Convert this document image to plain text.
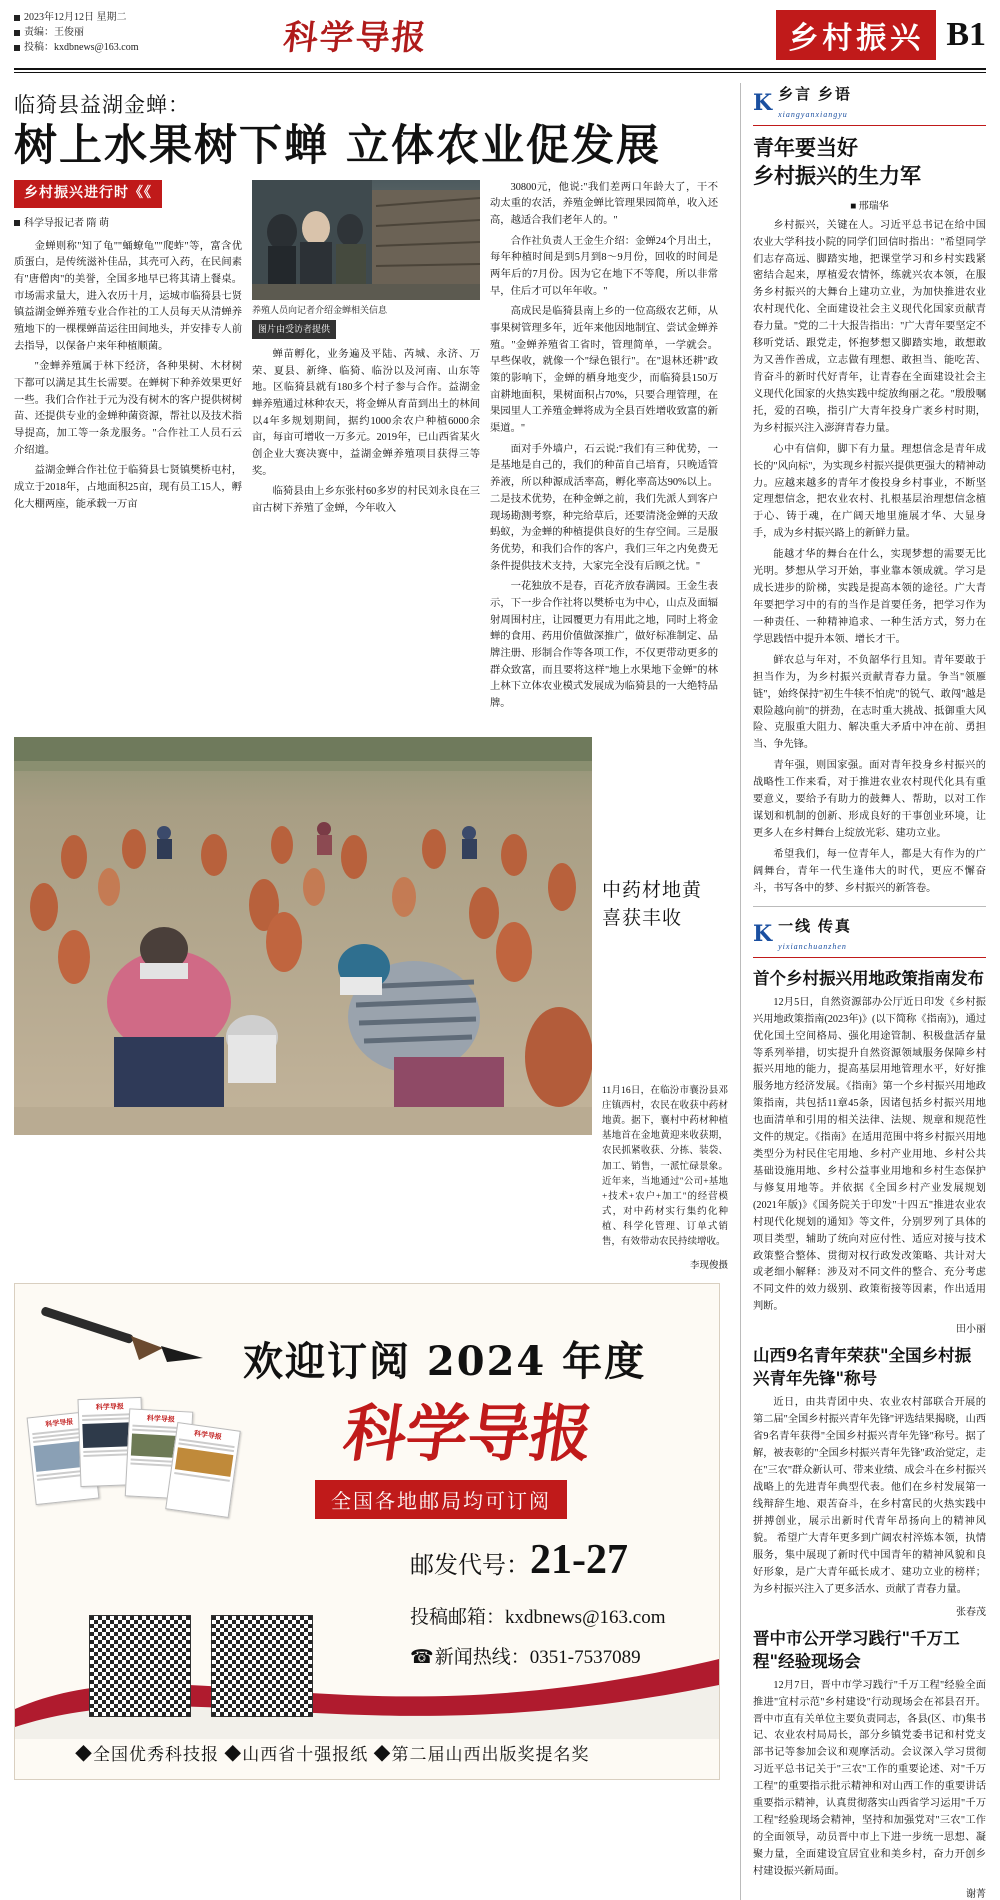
2023年12月12日 星期二
责编：王俊丽
投稿：kxdbnews@163.com	科学导报	乡村振兴 B1
临猗县益湖金蝉：
树上水果树下蝉 立体农业促发展
乡村振兴进行时《《
科学导报记者 隋 萌

金蝉则称"知了龟""蛹蟟龟""爬蚱"等，富含优质蛋白，是传统滋补佳品，其壳可入药，在民间素有"唐僧肉"的美誉，全国多地早已将其请上餐桌。市场需求量大，进入农历十月，运城市临猗县七贤镇益湖金蝉养殖专业合作社的工人员每天从清蝉养殖地下的一棵棵蝉苗运往田间地头，并安排专人前去指导，以保备户来年种植顺菌。

"金蝉养殖属于林下经济，各种果树、木材树下都可以满足其生长需要。在蝉树下种养效果更好一些。我们合作社于元为没有树木的客户提供树树苗、还提供专业的金蝉种菌资源，帮社以及技术指导提高，加工等一条龙服务。"合作社工人员石云介绍道。

益湖金蝉合作社位于临猗县七贤镇樊桥屯村，成立于2018年，占地面积25亩，现有员工15人，孵化大棚两座，能承载一万亩

养殖人员向记者介绍金蝉相关信息
图片由受访者提供

蝉苗孵化，业务遍及平陆、芮城、永济、万荣、夏县、新绛、临猗、临汾以及河南、山东等地。区临猗县就有180多个村子参与合作。益湖金蝉养殖通过林种农天，将金蝉从育苗到出土的林间以4年多规划期间，据约1000余农户种植6000余亩，每亩可增收一万多元。2019年，已山西省某火创企业大赛决赛中，益湖金蝉养殖项目获得三等奖。

临猗县由上乡东张村60多岁的村民刘永良在三亩古树下养殖了金蝉，今年收入

30800元，他说:"我们差两口年龄大了，干不动太重的农活，养殖金蝉比管理果园简单，收入还高，越适合我们老年人的。"

合作社负责人王金生介绍：金蝉24个月出土，每年种植时间是到5月到8～9月份，回收的时间是两年后的7月份。因为它在地下不等爬，所以非常早，住后才可以年年收。"

高成民是临猗县南上乡的一位高级农艺师，从事果树管理多年，近年来他因地制宜、尝试金蝉养殖。"金蝉养殖省工省时，管理简单，一学就会。早些保收，就像一个"绿色银行"。在"退林还耕"政策的影响下，金蝉的栖身地变少，而临猗县150万亩耕地面积，果树面积占70%，只要合理管理，在果园里人工养殖金蝉将成为全县百姓增收致富的新渠道。"

面对手外墙户，石云说:"我们有三种优势，一是基地是自己的，我们的种苗自己培育，只晚适管养液，所以种源成活率高，孵化率高达90%以上。二是技术优势，在种金蝉之前，我们先派人到客户现场勘测考察，种完给草后，还要清浇金蝉的天敌蚂蚁，为金蝉的种植提供良好的生存空间。三是服务优势，和我们合作的客户，我们三年之内免费无条件提供技术支持，大家完全没有后顾之忧。"

一花独放不是春，百花齐放春满园。王金生表示，下一步合作社将以樊桥屯为中心，山点及面辐射周围村庄，让园覆更力有用此之地，同时上将金蝉的食用、药用价值做深推广，做好标准制定、品牌注册、形制合作等各项工作，不仅更带动更多的群众致富，而且要将这样"地上水果地下金蝉"的林上林下立体农业模式发展成为临猗县的一大绝特品牌。

中药材地黄
喜获丰收
11月16日，在临汾市襄汾县邓庄镇西村，农民在收获中药材地黄。据下，襄村中药材种植基地首在金地黄迎来收获期，农民抓紧收获、分拣、装袋、加工、销售，一派忙碌景象。近年来，当地通过"公司+基地+技术+农户+加工"的经营模式，对中药材实行集约化种植、科学化管理、订单式销售，有效带动农民持续增收。
李现俊摄
科学导报
科学导报
科学导报
科学导报
欢迎订阅 2024 年度
科学导报
全国各地邮局均可订阅
邮发代号：21-27
投稿邮箱：kxdbnews@163.com
☎ 新闻热线：0351-7537089
◆全国优秀科技报 ◆山西省十强报纸 ◆第二届山西出版奖提名奖
K 乡言 乡语
xiangyanxiangyu
青年要当好
乡村振兴的生力军
■ 邢瑞华

乡村振兴，关键在人。习近平总书记在给中国农业大学科技小院的同学们回信时指出："希望同学们志存高远、脚踏实地，把课堂学习和乡村实践紧密结合起来，厚植爱农情怀，练就兴农本领，在服务乡村振兴的大舞台上建功立业，为加快推进农业农村现代化、全面建设社会主义现代化国家贡献青春力量。"党的二十大报告指出："广大青年要坚定不移听党话、跟党走，怀抱梦想又脚踏实地，敢想敢为又善作善成，立志做有理想、敢担当、能吃苦、肯奋斗的新时代好青年，让青春在全面建设社会主义现代化国家的火热实践中绽放绚丽之花。"殷殷嘱托，爱的召唤，指引广大青年投身广袤乡村时期，为乡村振兴注入澎湃青春力量。

心中有信仰，脚下有力量。理想信念是青年成长的"风向标"，为实现乡村振兴提供更强大的精神动力。应越来越多的青年才俊投身乡村事业，不断坚定理想信念，把农业农村、扎根基层治理想信念植于心、铸于魂，在广阔天地里施展才华、大显身手，成为乡村振兴路上的新鲜力量。

能越才华的舞台在什么，实现梦想的需要无比光明。梦想从学习开始，事业靠本领成就。学习是成长进步的阶梯，实践是提高本领的途径。广大青年要把学习中的有的当作是首要任务，把学习作为一种责任、一种精神追求、一种生活方式，努力在学思践悟中提升本领、增长才干。

鲜农总与年对，不负韶华行且知。青年要敢于担当作为，为乡村振兴贡献青春力量。争当"领雁链"，始终保持"初生牛犊不怕虎"的锐气、敢闯"越是艰险越向前"的拼劲，在志时重大挑战、抵御重大风险、克服重大阻力、解决重大矛盾中冲在前、勇担当、争先锋。

青年强，则国家强。面对青年投身乡村振兴的战略性工作来看，对于推进农业农村现代化具有重要意义，要给予有助力的鼓舞人、帮助，以对工作谋划和机制的创新、形成良好的干事创业环境，让更多人在乡村舞台上绽放光彩、建功立业。

希望我们，每一位青年人，都是大有作为的广阔舞台，青年一代生逢伟大的时代，更应不懈奋斗，书写各中的梦、乡村振兴的新答卷。

K 一线 传真
yixianchuanzhen
首个乡村振兴用地政策指南发布

12月5日，自然资源部办公厅近日印发《乡村振兴用地政策指南(2023年)》(以下简称《指南》)，通过优化国土空间格局、强化用途管制、积极盘活存量等系列举措，切实提升自然资源领域服务保障乡村振兴用地的能力，提高基层用地管理水平，好好推服务地方经济发展。《指南》第一个乡村振兴用地政策指南，共包括11章45条，因诸包括乡村振兴用地也面清单和引用的相关法律、法规、规章和规范性文件的规定。《指南》在适用范围中将乡村振兴用地类型分为村民住宅用地、乡村产业用地、乡村公共基础设施用地、乡村公益事业用地和乡村生态保护与修复用地等。并依据《全国乡村产业发展规划(2021年版)》《国务院关于印发"十四五"推进农业农村现代化规划的通知》等文件，分别罗列了具体的项目类型，辅助了统向对应付性、适应对接与技术政策整合整体、贯彻对权行政发改策略、共计对大或老细小解释：涉及对不同文件的整合、充分考虑不同文件的效力级别、政策衔接等因素，作出适用判断。

田小丽
山西9名青年荣获"全国乡村振兴青年先锋"称号

近日，由共青团中央、农业农村部联合开展的第二届"全国乡村振兴青年先锋"评选结果揭晓，山西省9名青年获得"全国乡村振兴青年先锋"称号。据了解，被表彰的"全国乡村振兴青年先锋"政治觉定，走在"三农"群众新认可、带来业绩、成会斗在乡村振兴战略上的先进青年典型代表。他们在乡村发展第一线辩辞生地、艰苦奋斗，在乡村富民的火热实践中拼搏创业，展示出新时代青年昂扬向上的精神风貌。 希望广大青年更多到广阔农村淬炼本领，执情服务，集中展现了新时代中国青年的精神风貌和良好形象，是广大青年砥长成才、建功立业的榜样；为乡村振兴注入了更多活水、贡献了青春力量。

张春茂
晋中市公开学习践行"千万工程"经验现场会

12月7日，晋中市学习践行"千万工程"经验全面推进"宜村示范"乡村建设"行动现场会在祁县召开。晋中市直有关单位主要负责同志，各县(区、市)集书记、农业农村局局长，部分乡镇党委书记和村党支部书记等参加会议和观摩活动。会议深入学习贯彻习近平总书记关于"三农"工作的重要论述、对"千万工程"的重要指示批示精神和对山西工作的重要讲话重要指示精神，认真贯彻落实山西省学习运用"千万工程"经验现场会精神，坚持和加强党对"三农"工作的全面领导，动员晋中市上下进一步统一思想、凝聚力量，全面建设宜居宜业和美乡村，奋力开创乡村建设振兴新局面。

谢菁
